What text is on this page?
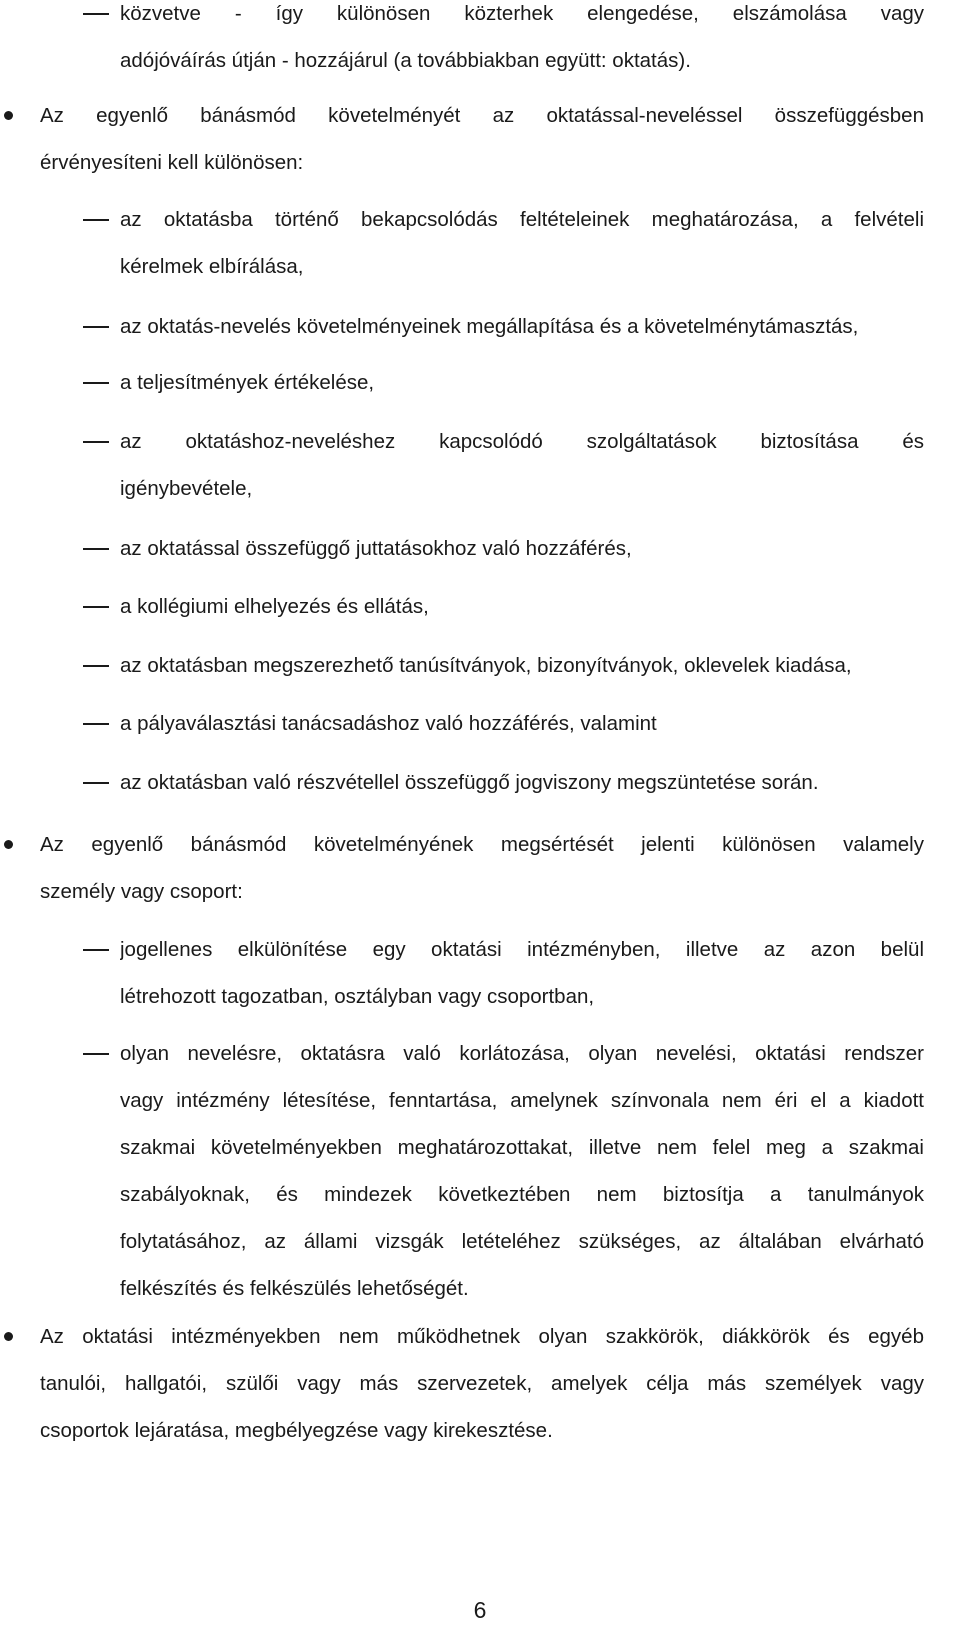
közvetve - így különösen közterhek elengedése, elszámolása vagy
adójóváírás útján - hozzájárul (a továbbiakban együtt: oktatás).
Az egyenlő bánásmód követelményét az oktatással-neveléssel összefüggésben
érvényesíteni kell különösen:
az oktatásba történő bekapcsolódás feltételeinek meghatározása, a felvételi
kérelmek elbírálása,
az oktatás-nevelés követelményeinek megállapítása és a követelménytámasztás,
a teljesítmények értékelése,
az oktatáshoz-neveléshez kapcsolódó szolgáltatások biztosítása és
igénybevétele,
az oktatással összefüggő juttatásokhoz való hozzáférés,
a kollégiumi elhelyezés és ellátás,
az oktatásban megszerezhető tanúsítványok, bizonyítványok, oklevelek kiadása,
a pályaválasztási tanácsadáshoz való hozzáférés, valamint
az oktatásban való részvétellel összefüggő jogviszony megszüntetése során.
Az egyenlő bánásmód követelményének megsértését jelenti különösen valamely
személy vagy csoport:
jogellenes elkülönítése egy oktatási intézményben, illetve az azon belül
létrehozott tagozatban, osztályban vagy csoportban,
olyan nevelésre, oktatásra való korlátozása, olyan nevelési, oktatási rendszer
vagy intézmény létesítése, fenntartása, amelynek színvonala nem éri el a kiadott
szakmai követelményekben meghatározottakat, illetve nem felel meg a szakmai
szabályoknak, és mindezek következtében nem biztosítja a tanulmányok
folytatásához, az állami vizsgák letételéhez szükséges, az általában elvárható
felkészítés és felkészülés lehetőségét.
Az oktatási intézményekben nem működhetnek olyan szakkörök, diákkörök és egyéb
tanulói, hallgatói, szülői vagy más szervezetek, amelyek célja más személyek vagy
csoportok lejáratása, megbélyegzése vagy kirekesztése.
6
